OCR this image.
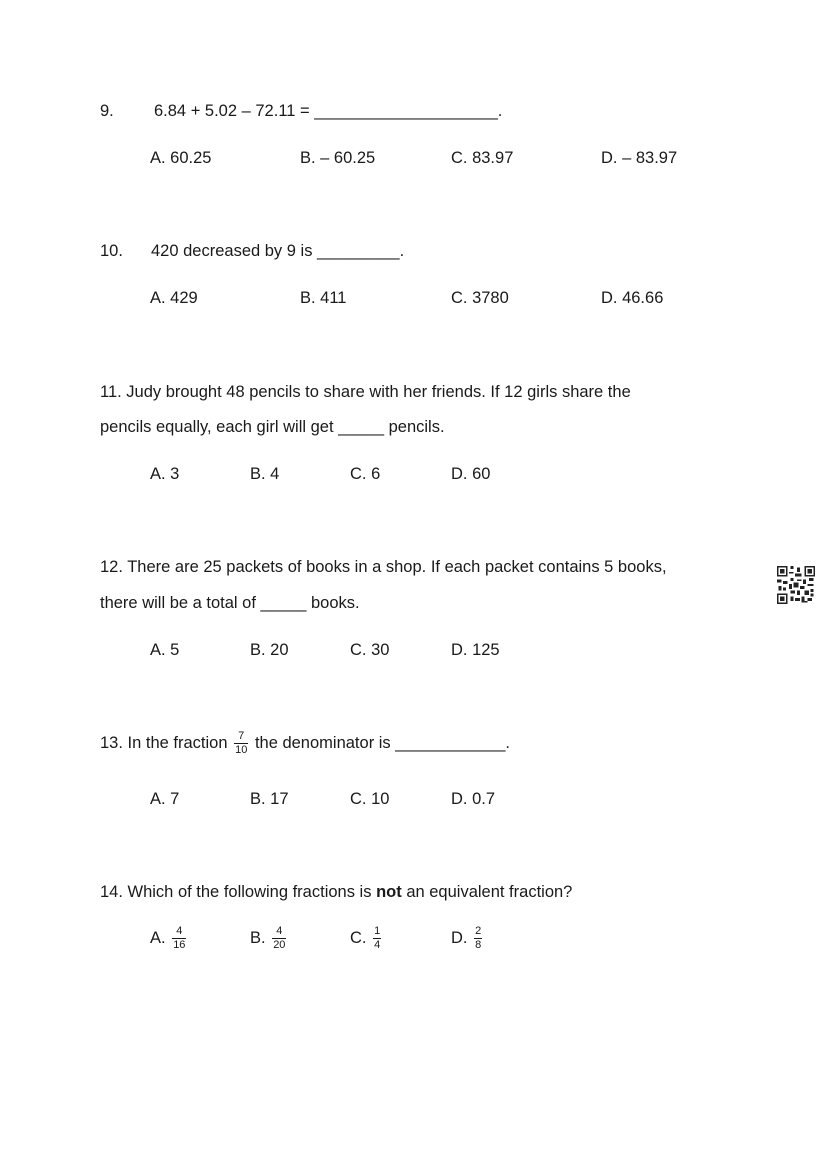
9. 6.84 + 5.02 – 72.11 = ____________________.
A. 60.25	B. – 60.25	C. 83.97	D. – 83.97
10. 420 decreased by 9 is _________.
A. 429	B. 411	C. 3780	D. 46.66
11. Judy brought 48 pencils to share with her friends. If 12 girls share the
pencils equally, each girl will get _____ pencils.
A. 3	B. 4	C. 6	D. 60
12. There are 25 packets of books in a shop. If each packet contains 5 books,
there will be a total of _____ books.
A. 5	B. 20	C. 30	D. 125
13. In the fraction $\frac{7}{10}$ the denominator is ____________.
A. 7	B. 17	C. 10	D. 0.7
14. Which of the following fractions is not an equivalent fraction?
A. $\frac{4}{16}$	B. $\frac{4}{20}$	C. $\frac{1}{4}$	D. $\frac{2}{8}$
